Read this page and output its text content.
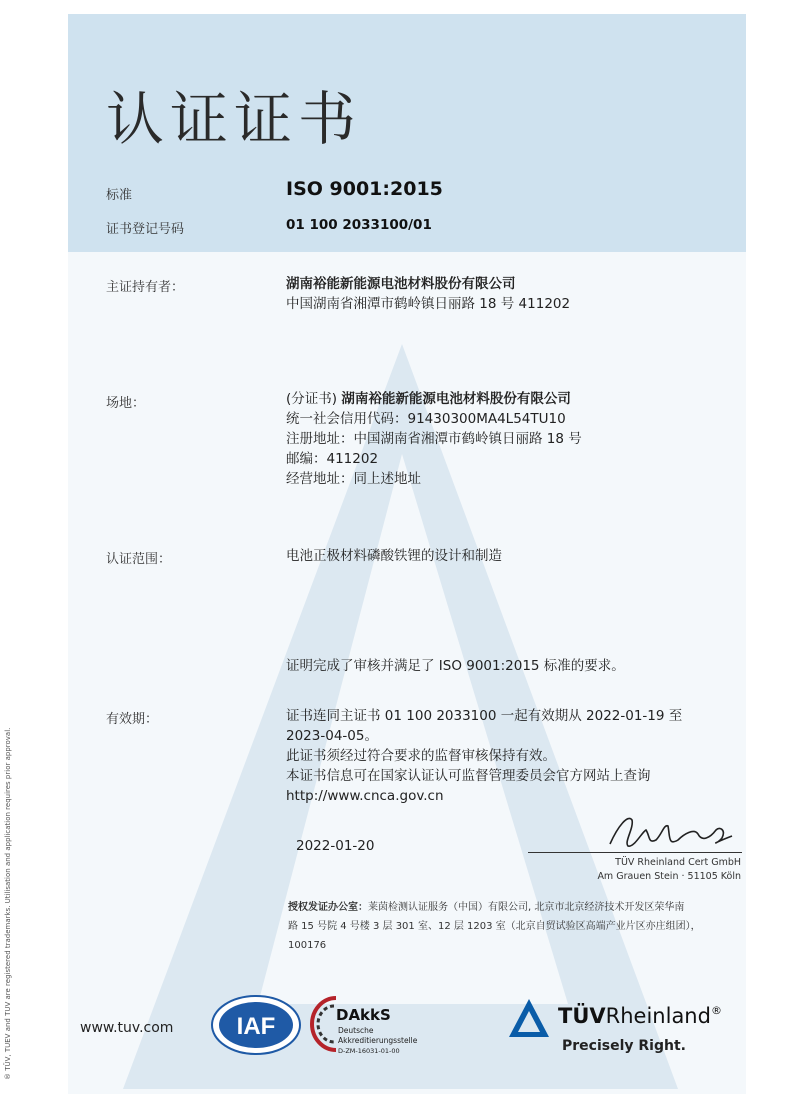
认证证书
标准	ISO 9001:2015
证书登记号码	01 100 2033100/01
主证持有者：	湖南裕能新能源电池材料股份有限公司
中国湖南省湘潭市鹤岭镇日丽路 18 号 411202
场地：	(分证书) 湖南裕能新能源电池材料股份有限公司
统一社会信用代码：91430300MA4L54TU10
注册地址：中国湖南省湘潭市鹤岭镇日丽路 18 号
邮编：411202
经营地址：同上述地址
认证范围：	电池正极材料磷酸铁锂的设计和制造
证明完成了审核并满足了 ISO 9001:2015 标准的要求。
有效期：	证书连同主证书 01 100 2033100 一起有效期从 2022-01-19 至
2023-04-05。
此证书须经过符合要求的监督审核保持有效。
本证书信息可在国家认证认可监督管理委员会官方网站上查询
http://www.cnca.gov.cn
2022-01-20
TÜV Rheinland Cert GmbH
Am Grauen Stein · 51105 Köln
授权发证办公室：莱茵检测认证服务（中国）有限公司, 北京市北京经济技术开发区荣华南
路 15 号院 4 号楼 3 层 301 室、12 层 1203 室（北京自贸试验区高端产业片区亦庄组团），
100176
www.tuv.com	IAF	DAkkS
Deutsche
Akkreditierungsstelle
D-ZM-16031-01-00
TÜVRheinland®
Precisely Right.
® TÜV, TUEV and TUV are registered trademarks. Utilisation and application requires prior approval.
